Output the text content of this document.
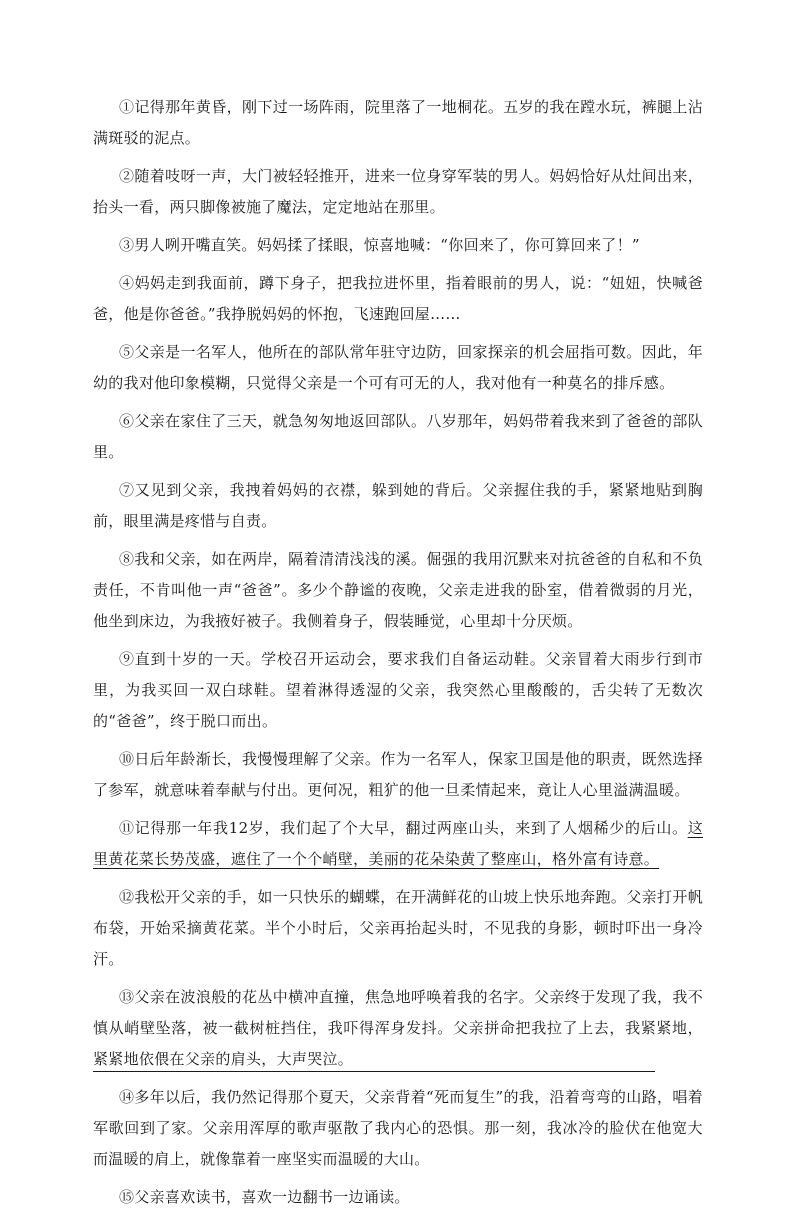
①记得那年黄昏，刚下过一场阵雨，院里落了一地桐花。五岁的我在蹚水玩，裤腿上沾满斑驳的泥点。

②随着吱呀一声，大门被轻轻推开，进来一位身穿军装的男人。妈妈恰好从灶间出来，抬头一看，两只脚像被施了魔法，定定地站在那里。

③男人咧开嘴直笑。妈妈揉了揉眼，惊喜地喊：“你回来了，你可算回来了！”

④妈妈走到我面前，蹲下身子，把我拉进怀里，指着眼前的男人，说：“妞妞，快喊爸爸，他是你爸爸。”我挣脱妈妈的怀抱，飞速跑回屋……

⑤父亲是一名军人，他所在的部队常年驻守边防，回家探亲的机会屈指可数。因此，年幼的我对他印象模糊，只觉得父亲是一个可有可无的人，我对他有一种莫名的排斥感。

⑥父亲在家住了三天，就急匆匆地返回部队。八岁那年，妈妈带着我来到了爸爸的部队里。

⑦又见到父亲，我拽着妈妈的衣襟，躲到她的背后。父亲握住我的手，紧紧地贴到胸前，眼里满是疼惜与自责。

⑧我和父亲，如在两岸，隔着清清浅浅的溪。倔强的我用沉默来对抗爸爸的自私和不负责任，不肯叫他一声“爸爸”。多少个静谧的夜晚，父亲走进我的卧室，借着微弱的月光，他坐到床边，为我掖好被子。我侧着身子，假装睡觉，心里却十分厌烦。

⑨直到十岁的一天。学校召开运动会，要求我们自备运动鞋。父亲冒着大雨步行到市里，为我买回一双白球鞋。望着淋得透湿的父亲，我突然心里酸酸的，舌尖转了无数次的“爸爸”，终于脱口而出。

⑩日后年龄渐长，我慢慢理解了父亲。作为一名军人，保家卫国是他的职责，既然选择了参军，就意味着奉献与付出。更何况，粗犷的他一旦柔情起来，竟让人心里溢满温暖。

⑪记得那一年我12岁，我们起了个大早，翻过两座山头，来到了人烟稀少的后山。这里黄花菜长势茂盛，遮住了一个个峭壁，美丽的花朵染黄了整座山，格外富有诗意。

⑫我松开父亲的手，如一只快乐的蝴蝶，在开满鲜花的山坡上快乐地奔跑。父亲打开帆布袋，开始采摘黄花菜。半个小时后，父亲再抬起头时，不见我的身影，顿时吓出一身冷汗。

⑬父亲在波浪般的花丛中横冲直撞，焦急地呼唤着我的名字。父亲终于发现了我，我不慎从峭壁坠落，被一截树桩挡住，我吓得浑身发抖。父亲拼命把我拉了上去，我紧紧地，紧紧地依偎在父亲的肩头，大声哭泣。

⑭多年以后，我仍然记得那个夏天，父亲背着“死而复生”的我，沿着弯弯的山路，唱着军歌回到了家。父亲用浑厚的歌声驱散了我内心的恐惧。那一刻，我冰冷的脸伏在他宽大而温暖的肩上，就像靠着一座坚实而温暖的大山。

⑮父亲喜欢读书，喜欢一边翻书一边诵读。
